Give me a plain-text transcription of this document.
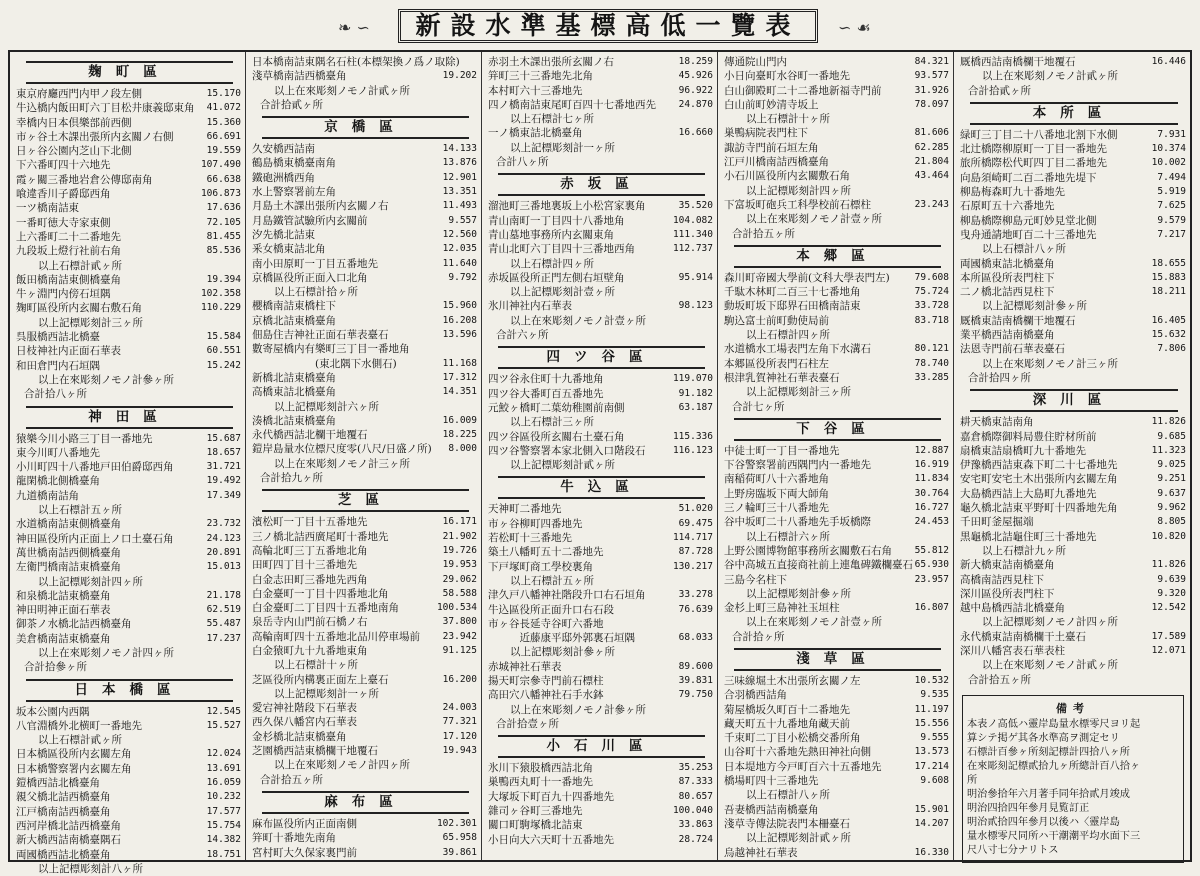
❧ ∽	新設水準基標高低一覽表	∽ ☙
麹町區
東京府廳西門内甲ノ段左側	15.170
牛込橋内飯田町六丁目松井康義邸東角 41.072
幸橋内日本倶樂部前西側	15.360
市ヶ谷土木課出張所内玄關ノ右側	66.691
日ヶ谷公園内芝山下北側	19.559
下六番町四十六地先	107.490
霞ヶ關三番地岩倉公傳邸南角	66.638
喰違香川子爵邸西角	106.873
一ツ橋南詰東	17.636
一番町徳大寺家東側	72.105
上六番町二十二番地先	81.455
九段坂上燈行社前右角	85.536
以上石標計貳ヶ所
飯田橋南詰東側橋臺角	19.394
牛ヶ淵門内傍石垣隅	102.358
麹町區役所内玄關右敷石角	110.229
以上記標彫刻計三ヶ所
呉服橋西詰北橋臺	15.584
日枝神社内正面石華表	60.551
和田倉門内石垣隅	15.242
以上在來彫刻ノモノ計參ヶ所
合計拾八ヶ所
神田區
猿樂今川小路三丁目一番地先	15.687
東今川町八番地先	18.657
小川町四十八番地戸田伯爵邸西角	31.721
龍閑橋北側橋臺角	19.492
九道橋南詰角	17.349
以上石標計五ヶ所
水道橋南詰東側橋臺角	23.732
神田區役所内正面上ノ口土臺石角	24.123
萬世橋南詰西側橋臺角	20.891
左衛門橋南詰東橋臺角	15.013
以上記標彫刻計四ヶ所
和泉橋北詰東橋臺角	21.178
神田明神正面石華表	62.519
御茶ノ水橋北詰西橋臺角	55.487
美倉橋南詰東橋臺角	17.237
以上在來彫刻ノモノ計四ヶ所
合計拾參ヶ所
日本橋區
坂本公園内西隅	12.545
八官淵橋外北横町一番地先	15.527
以上石標計貳ヶ所
日本橋區役所内玄關左角	12.024
日本橋警察署内玄關左角	13.691
鎧橋西詰北橋臺角	16.059
親父橋北詰西橋臺角	10.232
江戸橋南詰西橋臺角	17.577
西河岸橋北詰西橋臺角	15.754
新大橋西詰南橋臺隅石	14.382
両國橋西詰北橋臺角	18.751
以上記標彫刻計八ヶ所
日本橋南詰東隅名石柱(本標架換ノ爲ノ取除)
淺草橋南詰西橋臺角	19.202
以上在來彫刻ノモノ計貳ヶ所
合計拾貳ヶ所
京橋區
久安橋西詰南	14.133
鶴島橋東橋臺南角	13.876
鐵砲洲橋西角	12.901
水上警察署前左角	13.351
月島土木課出張所内玄關ノ右	11.493
月島鐵管試驗所内玄關前	9.557
汐先橋北詰東	12.560
釆女橋東詰北角	12.035
南小田原町一丁目五番地先	11.640
京橋區役所正面入口北角	9.792
以上石標計拾ヶ所
櫻橋南詰東橋柱下	15.960
京橋北詰東橋臺角	16.208
佃島住吉神社正面石華表臺石	13.596
數寄屋橋内有樂町三丁目一番地角
　　　　　　(東北隅下水側石)	11.168
新橋北詰東橋臺角	17.312
高橋東詰北橋臺角	14.351
以上記標彫刻計六ヶ所
湊橋北詰東橋臺角	16.009
永代橋西詰北欄干地覆石	18.225
鎧岸島量水位標尺度零(八尺/日盛ノ所) 8.000
以上在來彫刻ノモノ計三ヶ所
合計拾九ヶ所
芝區
濱松町一丁目十五番地先	16.171
三ノ橋北詰西廣尾町十番地先	21.902
高輪北町三丁五番地北角	19.726
田町四丁目十三番地先	19.953
白金志田町三番地先西角	29.062
白金臺町一丁目十四番地北角	58.588
白金臺町二丁目四十五番地南角	100.534
泉岳寺内山門前石橋ノ右	37.800
高輪南町四十五番地北品川停車場前 23.942
白金猿町九十九番地東角	91.125
以上石標計十ヶ所
芝區役所内構裏正面左上臺石	16.200
以上記標彫刻計一ヶ所
愛宕神社階段下石華表	24.003
西久保八幡宮内石華表	77.321
金杉橋北詰東橋臺角	17.120
芝園橋西詰東橋欄干地覆石	19.943
以上在來彫刻ノモノ計四ヶ所
合計拾五ヶ所
麻布區
麻布區役所内正面南側	102.301
笄町十番地先南角	65.958
宮村町大久保家裏門前	39.861
赤羽土木課出張所玄關ノ右	18.259
笄町三十三番地先北角	45.926
本村町六十三番地先	96.922
四ノ橋南詰東尾町百四十七番地西先 24.870
以上石標計七ヶ所
一ノ橋東詰北橋臺角	16.660
以上記標彫刻計一ヶ所
合計八ヶ所
赤坂區
溜池町三番地裏坂上小松宮家裏角	35.520
青山南町一丁目四十八番地角	104.082
青山墓地事務所内玄關東角	111.340
青山北町六丁目四十三番地西角	112.737
以上石標計四ヶ所
赤坂區役所正門左側右垣壁角	95.914
以上記標彫刻計壹ヶ所
氷川神社内石華表	98.123
以上在來彫刻ノモノ計壹ヶ所
合計六ヶ所
四ツ谷區
四ツ谷永住町十九番地角	119.070
四ツ谷大番町百五番地先	91.182
元鮫ヶ橋町二葉幼稚園前南側	63.187
以上石標計三ヶ所
四ツ谷區役所玄關右土臺石角	115.336
四ツ谷警察署本家北側入口階段石	116.123
以上記標彫刻計貳ヶ所
牛込區
天神町二番地先	51.020
市ヶ谷柳町四番地先	69.475
若松町十三番地先	114.717
築土八幡町五十二番地先	87.728
下戸塚町商工學校裏角	130.217
以上石標計五ヶ所
津久戸八幡神社階段升口右石垣角	33.278
牛込區役所正面升口右石段	76.639
市ヶ谷長延寺谷町六番地
　　　近藤康平邸外郭裏石垣隅	68.033
以上記標彫刻計參ヶ所
赤城神社石華表	89.600
揚天町宗參寺門前石標柱	39.831
高田穴八幡神社石手水鉢	79.750
以上在來彫刻ノモノ計參ヶ所
合計拾壹ヶ所
小石川區
氷川下猿股橋西詰北角	35.253
巣鴨西丸町十一番地先	87.333
大塚坂下町百九十四番地先	80.657
雜司ヶ谷町三番地先	100.040
關口町駒塚橋北詰東	33.863
小日向大六天町十五番地先	28.724
傳通院山門内	84.321
小日向臺町水谷町一番地先	93.577
白山御殿町二十二番地新福寺門前	31.926
白山前町妙清寺坂上	78.097
以上石標計十ヶ所
巣鴨病院表門柱下	81.606
諏訪寺門前石垣左角	62.285
江戸川橋南詰西橋臺角	21.804
小石川區役所内玄關敷石角	43.464
以上記標彫刻計四ヶ所
下富坂町砲兵工科學校前石標柱	23.243
以上在來彫刻ノモノ計壹ヶ所
合計拾五ヶ所
本郷區
森川町帝國大學前(文科大學表門左)	79.608
千駄木林町二百三十七番地角	75.724
動坂町坂下邸界石田橋南詰東	33.728
駒込富士前町動使局前	83.718
以上石標計四ヶ所
水道橋水工場表門左角下水溝石	80.121
本郷區役所表門石柱左	78.740
根津乳賀神社石華表臺石	33.285
以上記標彫刻計三ヶ所
合計七ヶ所
下谷區
中徒士町一丁目一番地先	12.887
下谷警察署前西隅門内一番地先	16.919
南稲荷町八十六番地角	11.834
上野房臨坂下両大師角	30.764
三ノ輪町三十八番地先	16.727
谷中坂町二十八番地先手坂橋際	24.453
以上石標計六ヶ所
上野公園博物館事務所玄關敷石右角 55.812
谷中高城五直接商社前上連亀碑鐵欄臺石 65.930
三島今名柱下	23.957
以上記標彫刻計參ヶ所
金杉上町三島神社玉垣柱	16.807
以上在來彫刻ノモノ計壹ヶ所
合計拾ヶ所
淺草區
三味線堀土木出張所玄關ノ左	10.532
合羽橋西詰角	9.535
菊屋橋坂久町百十二番地先	11.197
藏天町五十九番地角藏天前	15.556
千束町二丁目小松橋交番所角	9.555
山谷町十六番地先熱田神社向側	13.573
日本堤地方今戸町百六十五番地先	17.214
橋場町四十三番地先	9.608
以上石標計八ヶ所
吾妻橋西詰南橋臺角	15.901
淺草寺傳法院表門本柵臺石	14.207
以上記標彫刻計貳ヶ所
烏越神社石華表	16.330
厩橋西詰南橋欄干地覆石	16.446
以上在來彫刻ノモノ計貳ヶ所
合計拾貳ヶ所
本所區
緑町三丁目二十八番地北割下水側	7.931
北辻橋際柳原町一丁目一番地先	10.374
旅所橋際松代町四丁目二番地先	10.002
向島須崎町二百二番地先堤下	7.494
柳島梅森町九十番地先	5.919
石原町五十六番地先	7.625
柳島橋際柳島元町妙見堂北側	9.579
曳舟通請地町百二十三番地先	7.217
以上石標計八ヶ所
両國橋東詰北橋臺角	18.655
本所區役所表門柱下	15.883
二ノ橋北詰西見柱下	18.211
以上記標彫刻計參ヶ所
厩橋東詰南橋欄干地覆石	16.405
業平橋西詰南橋臺角	15.632
法恩寺門前石華表臺石	7.806
以上在來彫刻ノモノ計三ヶ所
合計拾四ヶ所
深川區
耕天橋東詰南角	11.826
嘉倉橋際御料局豊住貯材所前	9.685
扇橋東詰扇橋町九十番地先	11.323
伊豫橋西詰東森下町二十七番地先	9.025
安宅町安宅土木出張所内玄關左角	9.251
大島橋西詰上大島町九番地先	9.637
龜久橋北詰東平野町十四番地先角	9.962
千田町釜屋掘端	8.805
黒龜橋北詰龜住町三十番地先	10.820
以上石標計九ヶ所
新大橋東詰南橋臺角	11.826
高橋南詰西見柱下	9.639
深川區役所表門柱下	9.320
越中島橋西詰北橋臺角	12.542
以上記標彫刻ノモノ計四ヶ所
永代橋東詰南橋欄干土臺石	17.589
深川八幡宮表石華表柱	12.071
以上在來彫刻ノモノ計貳ヶ所
合計拾五ヶ所
備考
本表ノ高低ハ靈岸島量水標零尺ヨリ起
算シテ掲ゲ其各水準高ヲ測定セリ
石標計百參ヶ所刻記標計四拾八ヶ所
在來彫刻記標貳拾九ヶ所總計百八拾ヶ
所
明治參拾年六月著手同年拾貳月竣成
明治四拾四年參月見覧訂正
明治貳拾四年參月以後ハ〈靈岸島
量水標零尺同所ハ干潮潮平均水面下三
尺八寸七分ナリトス
